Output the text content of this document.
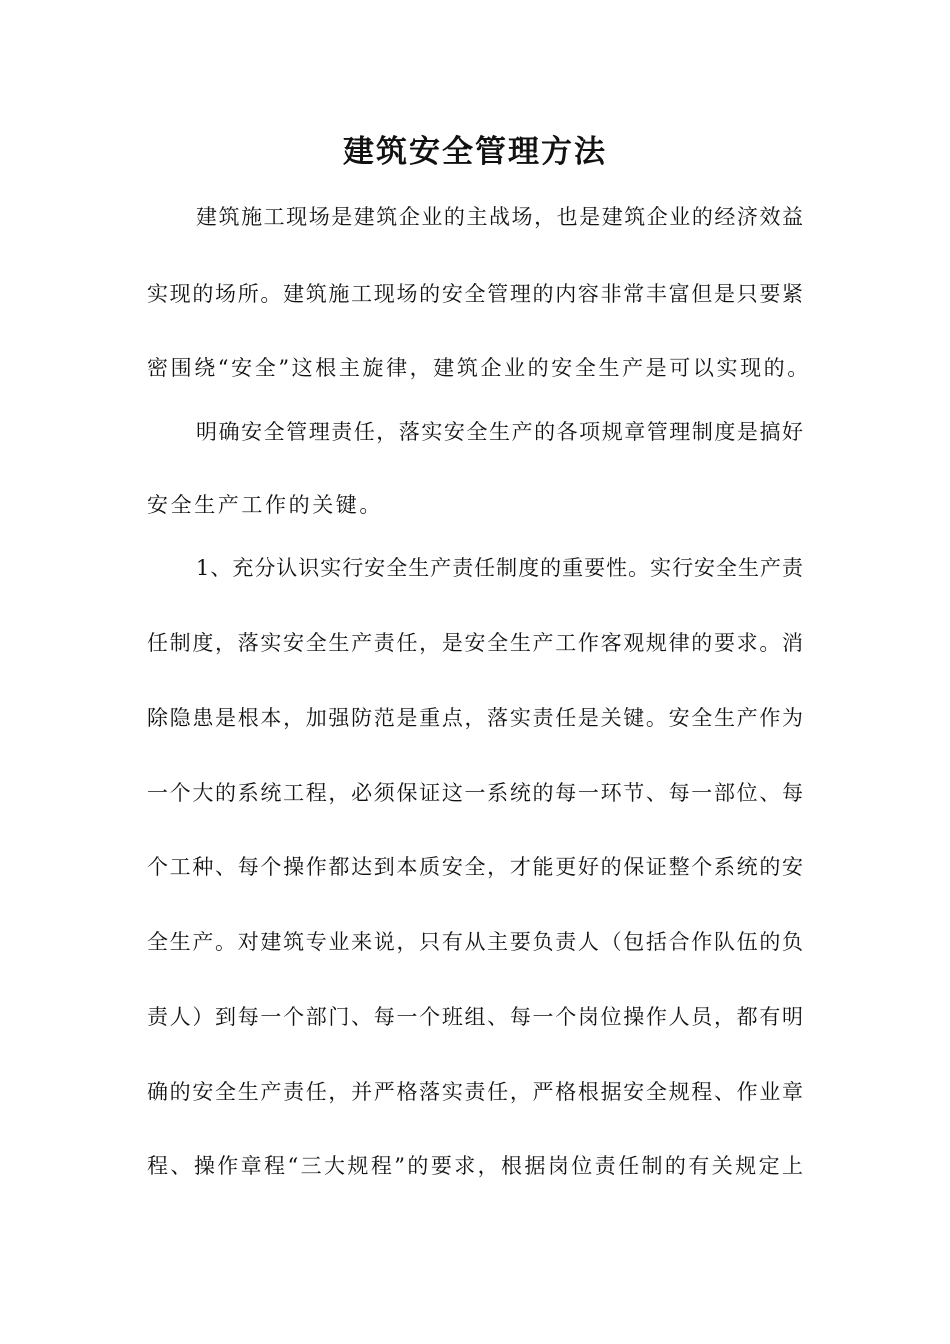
建筑安全管理方法

建筑施工现场是建筑企业的主战场，也是建筑企业的经济效益

实现的场所。建筑施工现场的安全管理的内容非常丰富但是只要紧

密围绕“安全”这根主旋律，建筑企业的安全生产是可以实现的。

明确安全管理责任，落实安全生产的各项规章管理制度是搞好

安全生产工作的关键。

1、充分认识实行安全生产责任制度的重要性。实行安全生产责

任制度，落实安全生产责任，是安全生产工作客观规律的要求。消

除隐患是根本，加强防范是重点，落实责任是关键。安全生产作为

一个大的系统工程，必须保证这一系统的每一环节、每一部位、每

个工种、每个操作都达到本质安全，才能更好的保证整个系统的安

全生产。对建筑专业来说，只有从主要负责人（包括合作队伍的负

责人）到每一个部门、每一个班组、每一个岗位操作人员，都有明

确的安全生产责任，并严格落实责任，严格根据安全规程、作业章

程、操作章程“三大规程”的要求，根据岗位责任制的有关规定上
